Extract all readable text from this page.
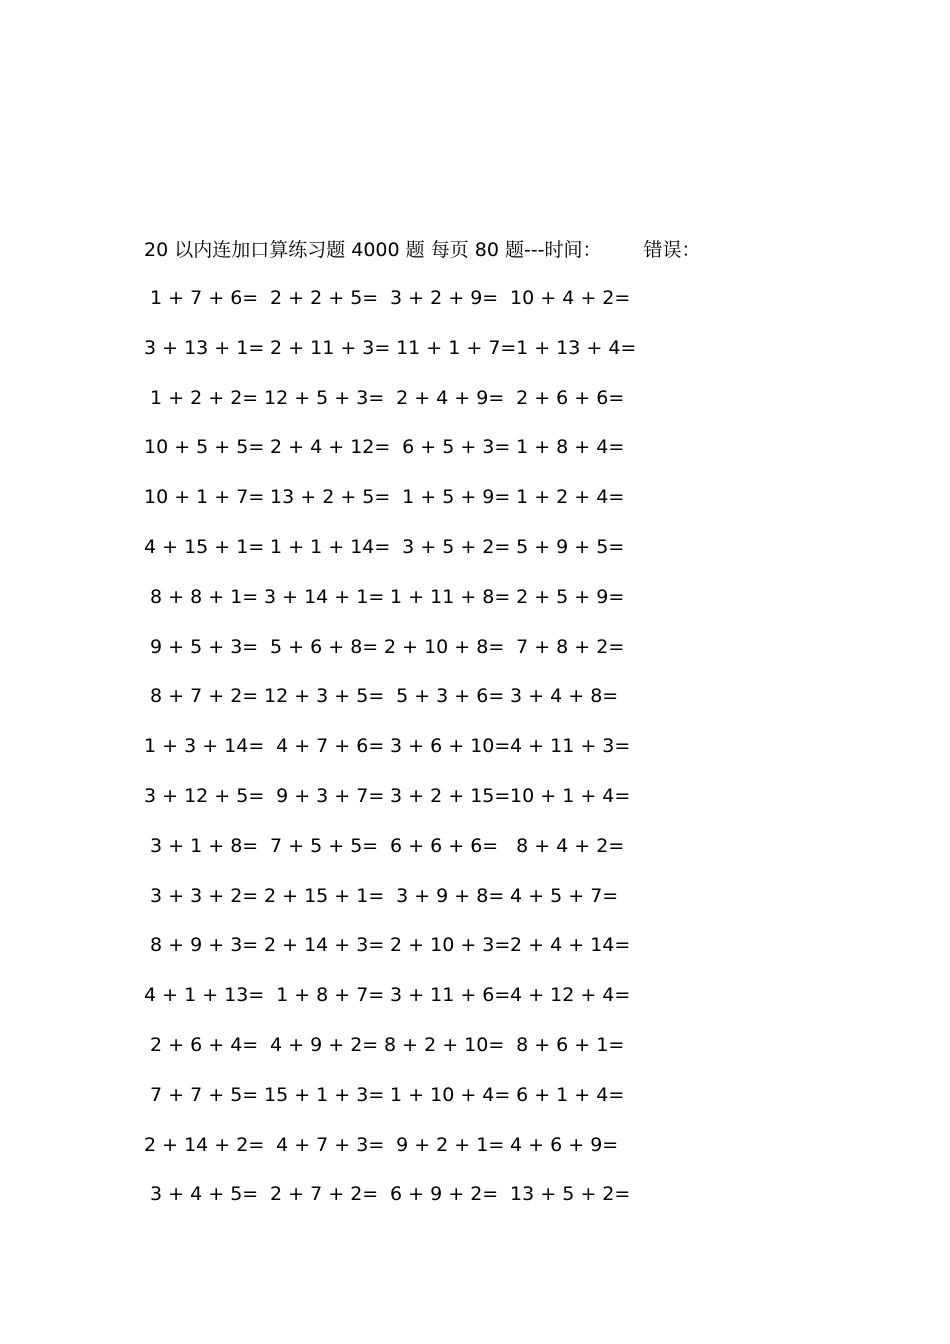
20 以内连加口算练习题 4000 题 每页 80 题---时间： 错误：
1 + 7 + 6= 2 + 2 + 5= 3 + 2 + 9= 10 + 4 + 2=
3 + 13 + 1= 2 + 11 + 3=
11 + 1 + 7=
1 + 13 + 4=
1 + 2 + 2= 12 + 5 + 3= 2 + 4 + 9= 2 + 6 + 6=
10 + 5 + 5= 2 + 4 + 12=
6 + 5 + 3=
1 + 8 + 4=
10 + 1 + 7= 13 + 2 + 5=
1 + 5 + 9=
1 + 2 + 4=
4 + 15 + 1= 1 + 1 + 14=
3 + 5 + 2=
5 + 9 + 5=
8 + 8 + 1= 3 + 14 + 1= 1 + 11 + 8=
2 + 5 + 9=
9 + 5 + 3= 5 + 6 + 8= 2 + 10 + 8= 7 + 8 + 2=
8 + 7 + 2= 12 + 3 + 5= 5 + 3 + 6= 3 + 4 + 8=
1 + 3 + 14= 4 + 7 + 6= 3 + 6 + 10=
4 + 11 + 3=
3 + 12 + 5= 9 + 3 + 7= 3 + 2 + 15=
10 + 1 + 4=
3 + 1 + 8= 7 + 5 + 5= 6 + 6 + 6= 8 + 4 + 2=
3 + 3 + 2= 2 + 15 + 1= 3 + 9 + 8= 4 + 5 + 7=
8 + 9 + 3= 2 + 14 + 3= 2 + 10 + 3=
2 + 4 + 14=
4 + 1 + 13= 1 + 8 + 7= 3 + 11 + 6=
4 + 12 + 4=
2 + 6 + 4= 4 + 9 + 2= 8 + 2 + 10= 8 + 6 + 1=
7 + 7 + 5= 15 + 1 + 3= 1 + 10 + 4=
6 + 1 + 4=
2 + 14 + 2= 4 + 7 + 3= 9 + 2 + 1= 4 + 6 + 9=
3 + 4 + 5= 2 + 7 + 2= 6 + 9 + 2= 13 + 5 + 2=
